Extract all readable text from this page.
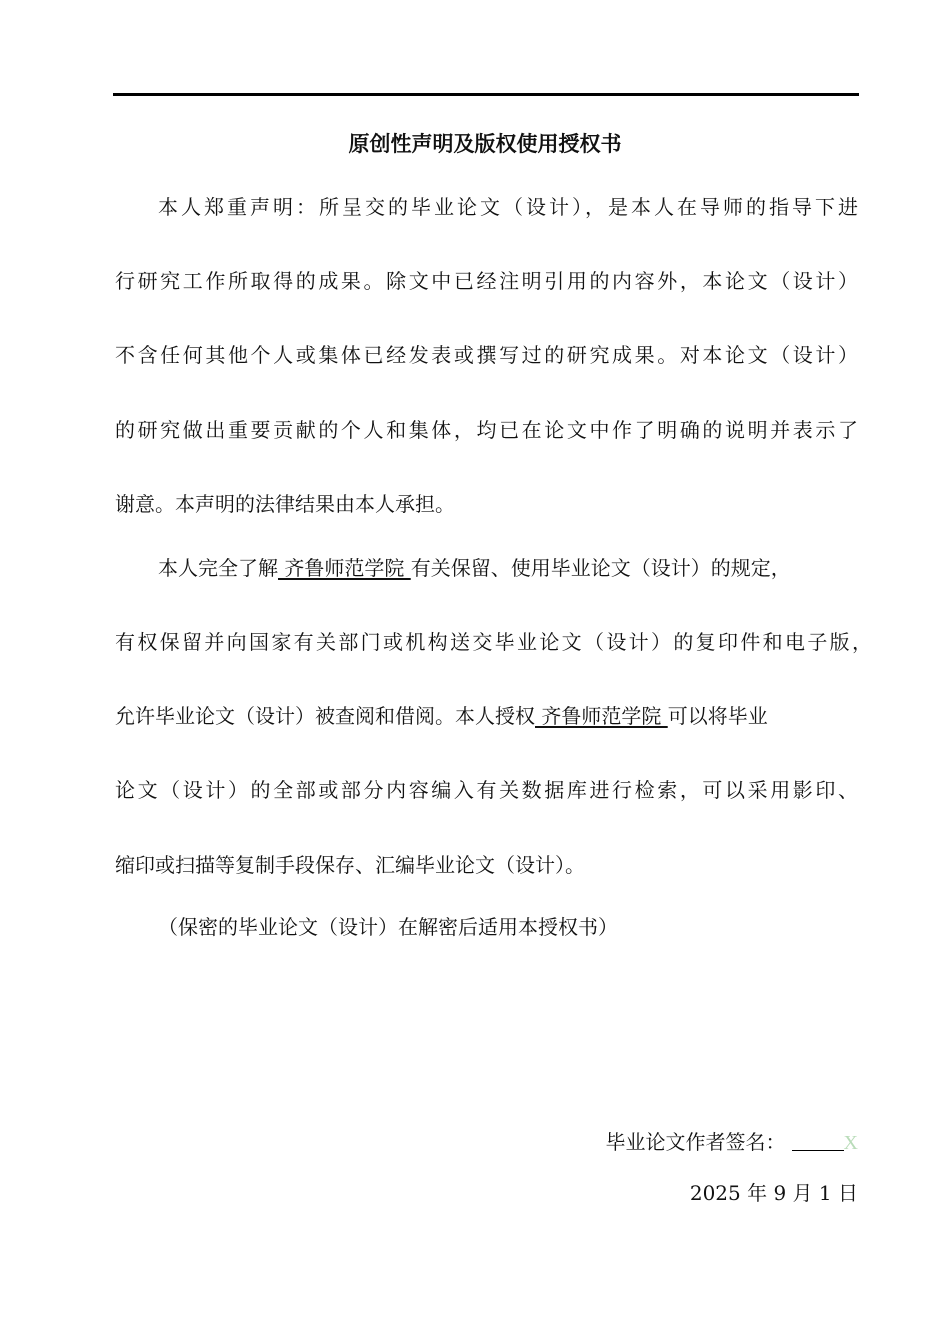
原创性声明及版权使用授权书
本人郑重声明：所呈交的毕业论文（设计），是本人在导师的指导下进
行研究工作所取得的成果。除文中已经注明引用的内容外，本论文（设计）
不含任何其他个人或集体已经发表或撰写过的研究成果。对本论文（设计）
的研究做出重要贡献的个人和集体，均已在论文中作了明确的说明并表示了
谢意。本声明的法律结果由本人承担。
本人完全了解 齐鲁师范学院 有关保留、使用毕业论文（设计）的规定，
有权保留并向国家有关部门或机构送交毕业论文（设计）的复印件和电子版，
允许毕业论文（设计）被查阅和借阅。本人授权 齐鲁师范学院 可以将毕业
论文（设计）的全部或部分内容编入有关数据库进行检索，可以采用影印、
缩印或扫描等复制手段保存、汇编毕业论文（设计）。
（保密的毕业论文（设计）在解密后适用本授权书）
毕业论文作者签名：	X
2025 年 9 月 1 日
